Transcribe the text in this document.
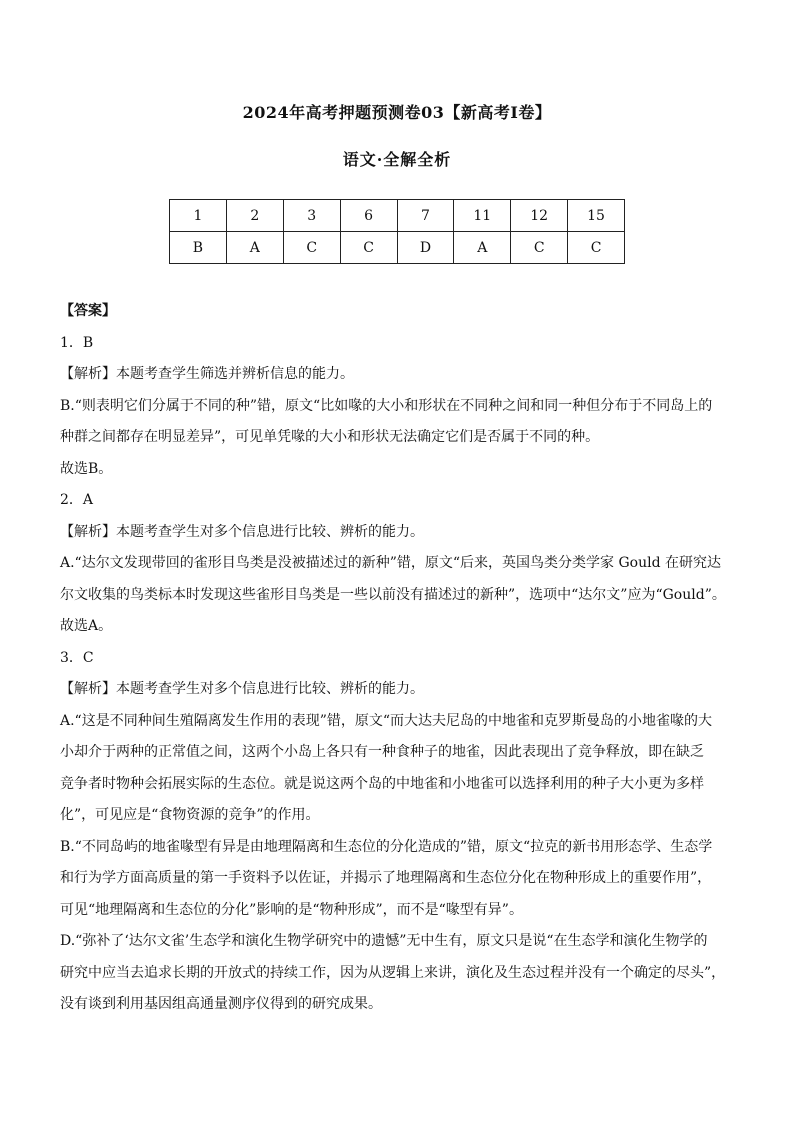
2024年高考押题预测卷03【新高考I卷】
语文·全解全析
1	2	3	6	7	11	12	15
B	A	C	C	D	A	C	C

【答案】

1．B

【解析】本题考查学生筛选并辨析信息的能力。

B.“则表明它们分属于不同的种”错，原文“比如喙的大小和形状在不同种之间和同一种但分布于不同岛上的

种群之间都存在明显差异”，可见单凭喙的大小和形状无法确定它们是否属于不同的种。

故选B。

2．A

【解析】本题考查学生对多个信息进行比较、辨析的能力。

A.“达尔文发现带回的雀形目鸟类是没被描述过的新种”错，原文“后来，英国鸟类分类学家 Gould 在研究达

尔文收集的鸟类标本时发现这些雀形目鸟类是一些以前没有描述过的新种”，选项中“达尔文”应为“Gould”。

故选A。

3．C

【解析】本题考查学生对多个信息进行比较、辨析的能力。

A.“这是不同种间生殖隔离发生作用的表现”错，原文“而大达夫尼岛的中地雀和克罗斯曼岛的小地雀喙的大

小却介于两种的正常值之间，这两个小岛上各只有一种食种子的地雀，因此表现出了竞争释放，即在缺乏

竞争者时物种会拓展实际的生态位。就是说这两个岛的中地雀和小地雀可以选择利用的种子大小更为多样

化”，可见应是“食物资源的竞争”的作用。

B.“不同岛屿的地雀喙型有异是由地理隔离和生态位的分化造成的”错，原文“拉克的新书用形态学、生态学

和行为学方面高质量的第一手资料予以佐证，并揭示了地理隔离和生态位分化在物种形成上的重要作用”，

可见“地理隔离和生态位的分化”影响的是“物种形成”，而不是“喙型有异”。

D.“弥补了‘达尔文雀’生态学和演化生物学研究中的遗憾”无中生有，原文只是说“在生态学和演化生物学的

研究中应当去追求长期的开放式的持续工作，因为从逻辑上来讲，演化及生态过程并没有一个确定的尽头”，

没有谈到利用基因组高通量测序仪得到的研究成果。
